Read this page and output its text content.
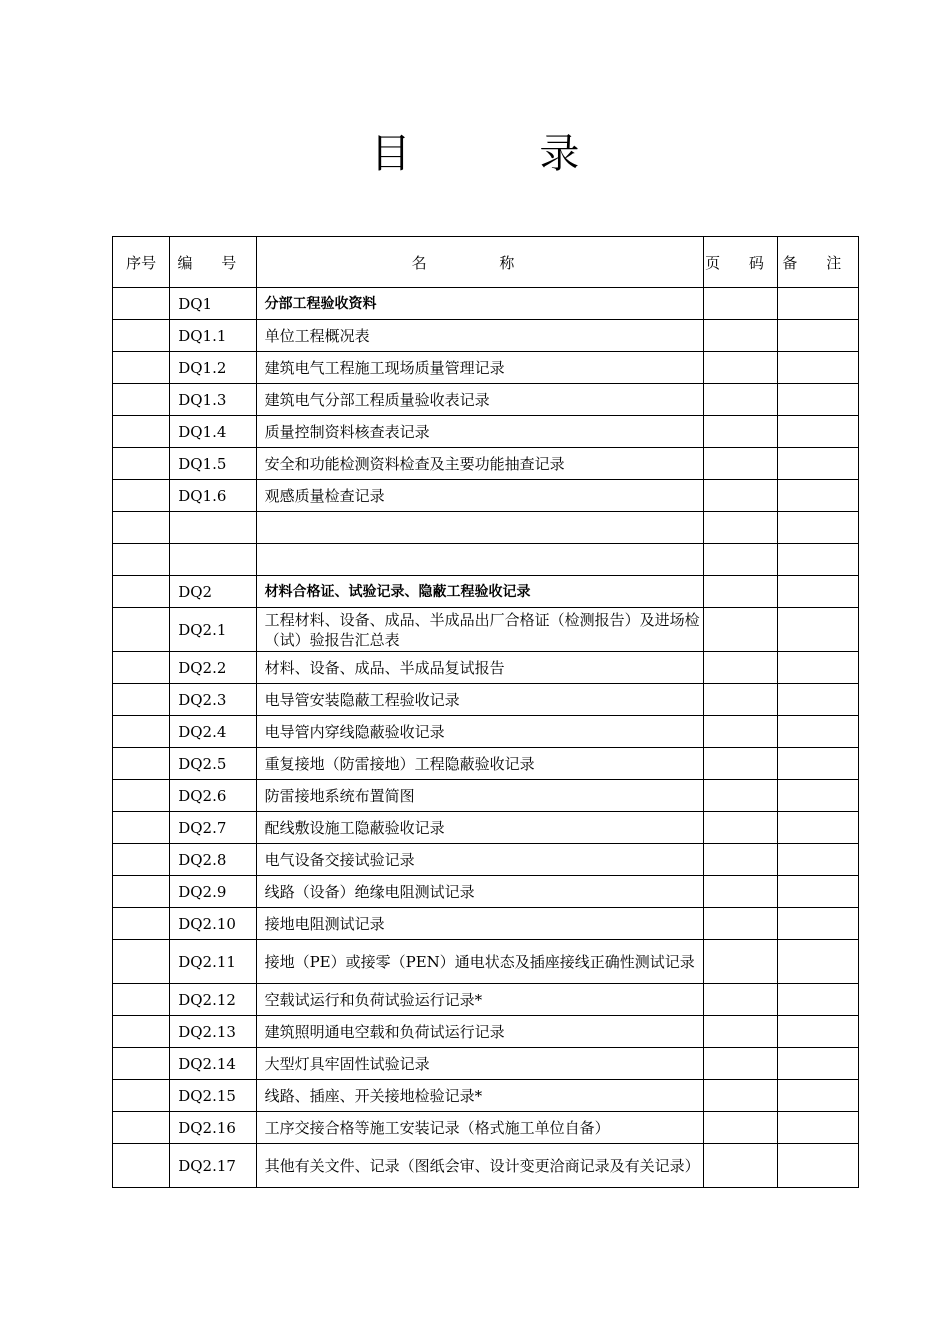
目 录
序号	编 号	名 称	页 码	备 注
	DQ1	分部工程验收资料		
	DQ1.1	单位工程概况表		
	DQ1.2	建筑电气工程施工现场质量管理记录		
	DQ1.3	建筑电气分部工程质量验收表记录		
	DQ1.4	质量控制资料核查表记录		
	DQ1.5	安全和功能检测资料检查及主要功能抽查记录		
	DQ1.6	观感质量检查记录		

	DQ2	材料合格证、试验记录、隐蔽工程验收记录		
	DQ2.1	工程材料、设备、成品、半成品出厂合格证（检测报告）及进场检（试）验报告汇总表		
	DQ2.2	材料、设备、成品、半成品复试报告		
	DQ2.3	电导管安装隐蔽工程验收记录		
	DQ2.4	电导管内穿线隐蔽验收记录		
	DQ2.5	重复接地（防雷接地）工程隐蔽验收记录		
	DQ2.6	防雷接地系统布置简图		
	DQ2.7	配线敷设施工隐蔽验收记录		
	DQ2.8	电气设备交接试验记录		
	DQ2.9	线路（设备）绝缘电阻测试记录		
	DQ2.10	接地电阻测试记录		
	DQ2.11	接地（PE）或接零（PEN）通电状态及插座接线正确性测试记录		
	DQ2.12	空载试运行和负荷试验运行记录*		
	DQ2.13	建筑照明通电空载和负荷试运行记录		
	DQ2.14	大型灯具牢固性试验记录		
	DQ2.15	线路、插座、开关接地检验记录*		
	DQ2.16	工序交接合格等施工安装记录（格式施工单位自备）		
	DQ2.17	其他有关文件、记录（图纸会审、设计变更洽商记录及有关记录）		
